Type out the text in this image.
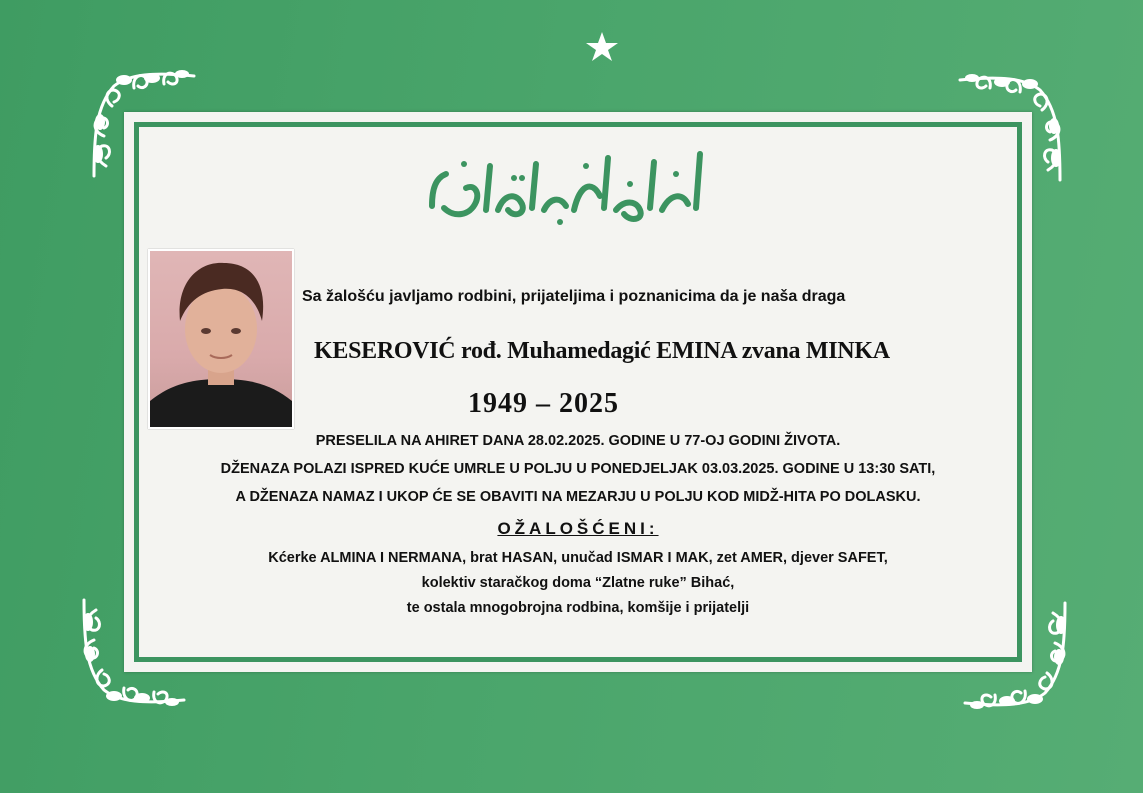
Sa žalošću javljamo rodbini, prijateljima i poznanicima da je naša draga
KESEROVIĆ rođ. Muhamedagić EMINA zvana MINKA
1949 – 2025
PRESELILA NA AHIRET DANA 28.02.2025. GODINE U 77-OJ GODINI ŽIVOTA.
DŽENAZA POLAZI ISPRED KUĆE UMRLE U POLJU U PONEDJELJAK 03.03.2025. GODINE U 13:30 SATI,
A DŽENAZA NAMAZ I UKOP ĆE SE OBAVITI NA MEZARJU U POLJU KOD MIDŽ-HITA PO DOLASKU.
OŽALOŠĆENI:
Kćerke ALMINA I NERMANA, brat HASAN, unučad ISMAR I MAK, zet AMER, djever SAFET,
kolektiv staračkog doma “Zlatne ruke” Bihać,
te ostala mnogobrojna rodbina, komšije i prijatelji
